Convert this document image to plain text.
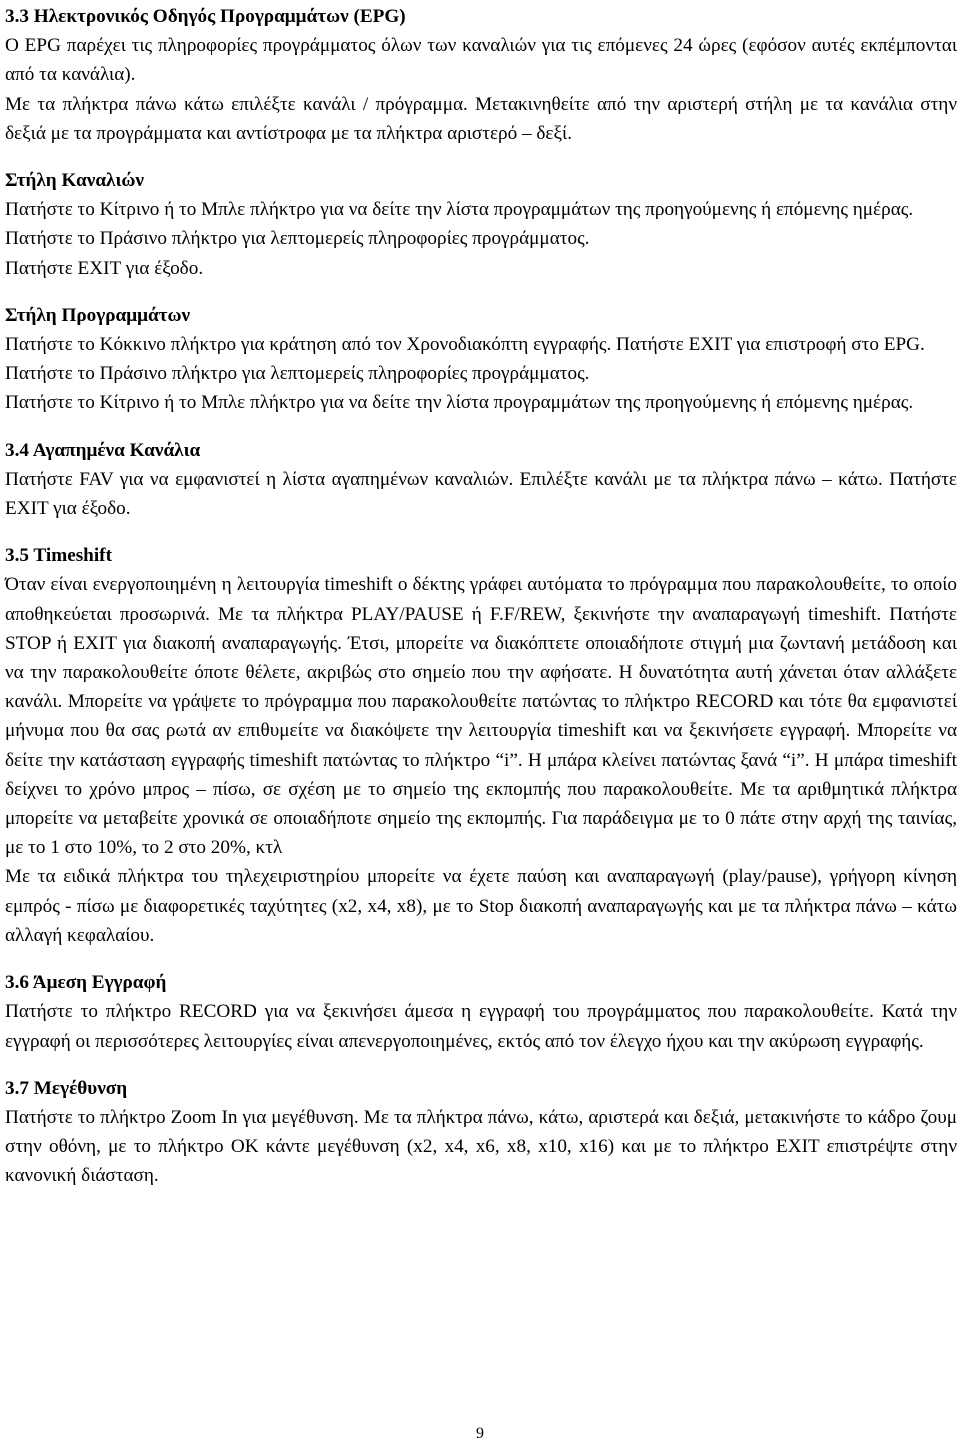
3.3 Ηλεκτρονικός Οδηγός Προγραμμάτων (EPG)

Ο EPG παρέχει τις πληροφορίες προγράμματος όλων των καναλιών για τις επόμενες 24 ώρες (εφόσον αυτές εκπέμπονται από τα κανάλια).

Με τα πλήκτρα πάνω κάτω επιλέξτε κανάλι / πρόγραμμα. Μετακινηθείτε από την αριστερή στήλη με τα κανάλια στην δεξιά με τα προγράμματα και αντίστροφα με τα πλήκτρα αριστερό – δεξί.

Στήλη Καναλιών

Πατήστε το Κίτρινο ή το Μπλε πλήκτρο για να δείτε την λίστα προγραμμάτων της προηγούμενης ή επόμενης ημέρας.

Πατήστε το Πράσινο πλήκτρο για λεπτομερείς πληροφορίες προγράμματος.

Πατήστε EXIT για έξοδο.

Στήλη Προγραμμάτων

Πατήστε το Κόκκινο πλήκτρο για κράτηση από τον Χρονοδιακόπτη εγγραφής. Πατήστε EXIT για επιστροφή στο EPG.

Πατήστε το Πράσινο πλήκτρο για λεπτομερείς πληροφορίες προγράμματος.

Πατήστε το Κίτρινο ή το Μπλε πλήκτρο για να δείτε την λίστα προγραμμάτων της προηγούμενης ή επόμενης ημέρας.

3.4 Αγαπημένα Κανάλια

Πατήστε FAV για να εμφανιστεί η λίστα αγαπημένων καναλιών. Επιλέξτε κανάλι με τα πλήκτρα πάνω – κάτω. Πατήστε EXIT για έξοδο.

3.5 Timeshift

Όταν είναι ενεργοποιημένη η λειτουργία timeshift ο δέκτης γράφει αυτόματα το πρόγραμμα που παρακολουθείτε, το οποίο αποθηκεύεται προσωρινά. Με τα πλήκτρα PLAY/PAUSE ή F.F/REW, ξεκινήστε την αναπαραγωγή timeshift. Πατήστε STOP ή EXIT για διακοπή αναπαραγωγής. Έτσι, μπορείτε να διακόπτετε οποιαδήποτε στιγμή μια ζωντανή μετάδοση και να την παρακολουθείτε όποτε θέλετε, ακριβώς στο σημείο που την αφήσατε. Η δυνατότητα αυτή χάνεται όταν αλλάξετε κανάλι. Μπορείτε να γράψετε το πρόγραμμα που παρακολουθείτε πατώντας το πλήκτρο RECORD και τότε θα εμφανιστεί μήνυμα που θα σας ρωτά αν επιθυμείτε να διακόψετε την λειτουργία timeshift και να ξεκινήσετε εγγραφή. Μπορείτε να δείτε την κατάσταση εγγραφής timeshift πατώντας το πλήκτρο “i”. Η μπάρα κλείνει πατώντας ξανά “i”. Η μπάρα timeshift δείχνει το χρόνο μπρος – πίσω, σε σχέση με το σημείο της εκπομπής που παρακολουθείτε. Με τα αριθμητικά πλήκτρα μπορείτε να μεταβείτε χρονικά σε οποιαδήποτε σημείο της εκπομπής. Για παράδειγμα με το 0 πάτε στην αρχή της ταινίας, με το 1 στο 10%, το 2 στο 20%, κτλ

Με τα ειδικά πλήκτρα του τηλεχειριστηρίου μπορείτε να έχετε παύση και αναπαραγωγή (play/pause), γρήγορη κίνηση εμπρός - πίσω με διαφορετικές ταχύτητες (x2, x4, x8), με το Stop διακοπή αναπαραγωγής και με τα πλήκτρα πάνω – κάτω αλλαγή κεφαλαίου.

3.6 Άμεση Εγγραφή

Πατήστε το πλήκτρο RECORD για να ξεκινήσει άμεσα η εγγραφή του προγράμματος που παρακολουθείτε. Κατά την εγγραφή οι περισσότερες λειτουργίες είναι απενεργοποιημένες, εκτός από τον έλεγχο ήχου και την ακύρωση εγγραφής.

3.7 Μεγέθυνση

Πατήστε το πλήκτρο Zoom In για μεγέθυνση. Με τα πλήκτρα πάνω, κάτω, αριστερά και δεξιά, μετακινήστε το κάδρο ζουμ στην οθόνη, με το πλήκτρο OK κάντε μεγέθυνση (x2, x4, x6, x8, x10, x16) και με το πλήκτρο EXIT επιστρέψτε στην κανονική διάσταση.

9
